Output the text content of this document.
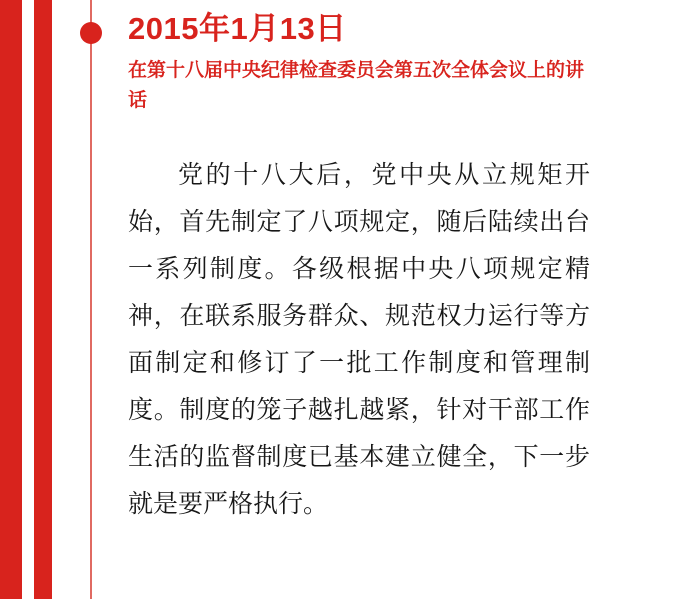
2015年1月13日
在第十八届中央纪律检查委员会第五次全体会议上的讲话

党的十八大后，党中央从立规矩开始，首先制定了八项规定，随后陆续出台一系列制度。各级根据中央八项规定精神，在联系服务群众、规范权力运行等方面制定和修订了一批工作制度和管理制度。制度的笼子越扎越紧，针对干部工作生活的监督制度已基本建立健全，下一步就是要严格执行。
